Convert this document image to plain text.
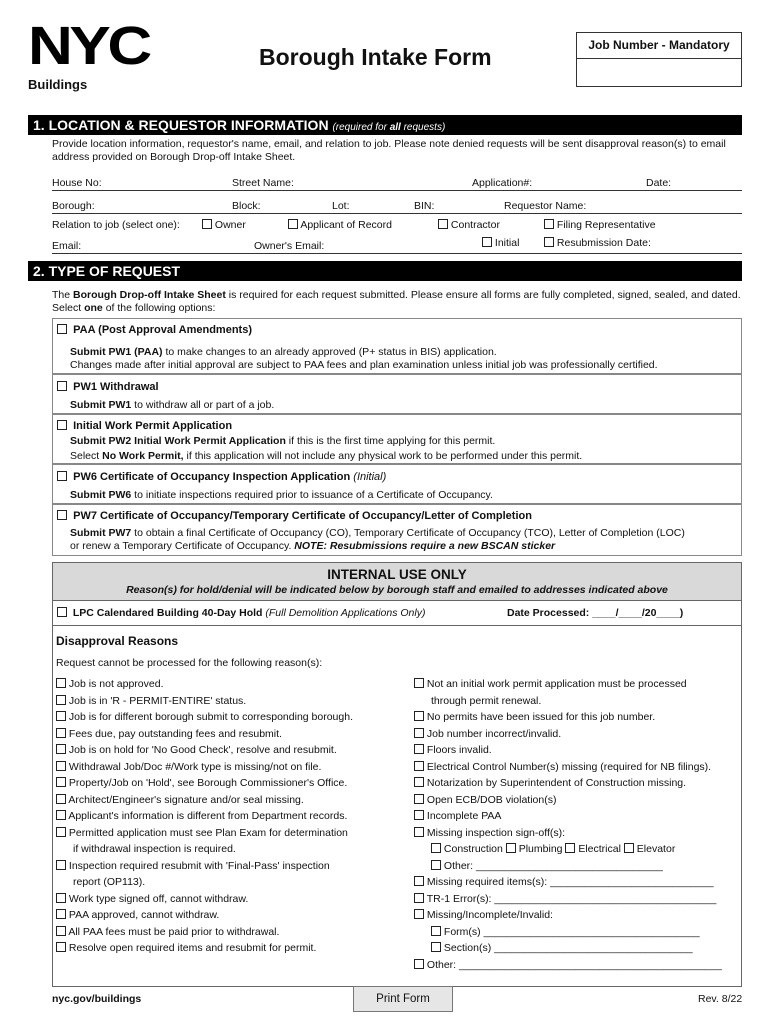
NYC
Buildings
Borough Intake Form	Job Number - Mandatory
1. LOCATION & REQUESTOR INFORMATION (required for all requests)
Provide location information, requestor's name, email, and relation to job. Please note denied requests will be sent disapproval reason(s) to email address provided on Borough Drop-off Intake Sheet.
House No:	Street Name:	Application#:	Date:
Borough:	Block:	Lot:	BIN:	Requestor Name:
Relation to job (select one):	Owner	Applicant of Record	Contractor	Filing Representative
Email:	Owner's Email:	Initial	Resubmission Date:
2. TYPE OF REQUEST
The Borough Drop-off Intake Sheet is required for each request submitted. Please ensure all forms are fully completed, signed, sealed, and dated. Select one of the following options:
PAA (Post Approval Amendments)
Submit PW1 (PAA) to make changes to an already approved (P+ status in BIS) application.
Changes made after initial approval are subject to PAA fees and plan examination unless initial job was professionally certified.
PW1 Withdrawal
Submit PW1 to withdraw all or part of a job.
Initial Work Permit Application
Submit PW2 Initial Work Permit Application if this is the first time applying for this permit.
Select No Work Permit, if this application will not include any physical work to be performed under this permit.
PW6 Certificate of Occupancy Inspection Application (Initial)
Submit PW6 to initiate inspections required prior to issuance of a Certificate of Occupancy.
PW7 Certificate of Occupancy/Temporary Certificate of Occupancy/Letter of Completion
Submit PW7 to obtain a final Certificate of Occupancy (CO), Temporary Certificate of Occupancy (TCO), Letter of Completion (LOC)
or renew a Temporary Certificate of Occupancy. NOTE: Resubmissions require a new BSCAN sticker
INTERNAL USE ONLY
Reason(s) for hold/denial will be indicated below by borough staff and emailed to addresses indicated above
LPC Calendared Building 40-Day Hold (Full Demolition Applications Only)	Date Processed: ____/____/20____)
Disapproval Reasons
Request cannot be processed for the following reason(s):
Job is not approved.
Job is in 'R - PERMIT-ENTIRE' status.
Job is for different borough submit to corresponding borough.
Fees due, pay outstanding fees and resubmit.
Job is on hold for 'No Good Check', resolve and resubmit.
Withdrawal Job/Doc #/Work type is missing/not on file.
Property/Job on 'Hold', see Borough Commissioner's Office.
Architect/Engineer's signature and/or seal missing.
Applicant's information is different from Department records.
Permitted application must see Plan Exam for determination
if withdrawal inspection is required.
Inspection required resubmit with 'Final-Pass' inspection
report (OP113).
Work type signed off, cannot withdraw.
PAA approved, cannot withdraw.
All PAA fees must be paid prior to withdrawal.
Resolve open required items and resubmit for permit.
Not an initial work permit application must be processed
through permit renewal.
No permits have been issued for this job number.
Job number incorrect/invalid.
Floors invalid.
Electrical Control Number(s) missing (required for NB filings).
Notarization by Superintendent of Construction missing.
Open ECB/DOB violation(s)
Incomplete PAA
Missing inspection sign-off(s):
Construction Plumbing Electrical Elevator
Other: ________________________________
Missing required items(s): ____________________________
TR-1 Error(s): ______________________________________
Missing/Incomplete/Invalid:
Form(s) _____________________________________
Section(s) __________________________________
Other: _____________________________________________
nyc.gov/buildings	Print Form	Rev. 8/22
